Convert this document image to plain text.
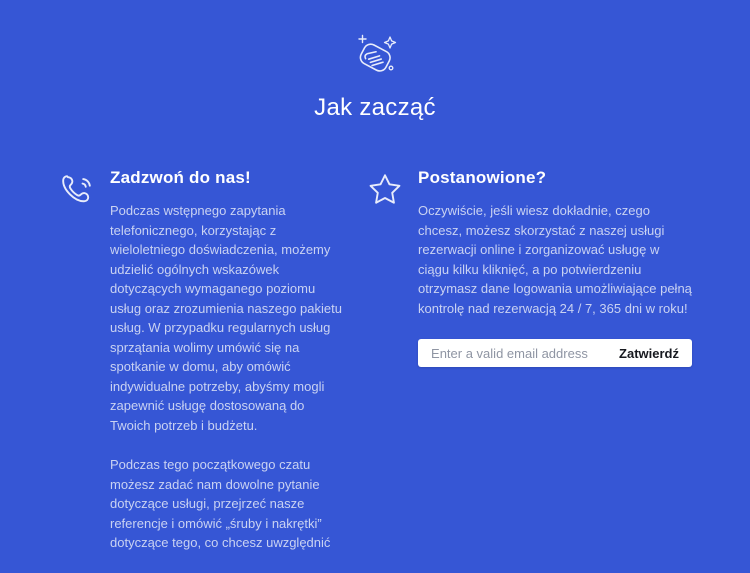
Jak zacząć
Zadzwoń do nas!

Podczas wstępnego zapytania telefonicznego, korzystając z wieloletniego doświadczenia, możemy udzielić ogólnych wskazówek dotyczących wymaganego poziomu usług oraz zrozumienia naszego pakietu usług. W przypadku regularnych usług sprzątania wolimy umówić się na spotkanie w domu, aby omówić indywidualne potrzeby, abyśmy mogli zapewnić usługę dostosowaną do Twoich potrzeb i budżetu.

Podczas tego początkowego czatu możesz zadać nam dowolne pytanie dotyczące usługi, przejrzeć nasze referencje i omówić „śruby i nakrętki” dotyczące tego, co chcesz uwzględnić

Postanowione?

Oczywiście, jeśli wiesz dokładnie, czego chcesz, możesz skorzystać z naszej usługi rezerwacji online i zorganizować usługę w ciągu kilku kliknięć, a po potwierdzeniu otrzymasz dane logowania umożliwiające pełną kontrolę nad rezerwacją 24 / 7, 365 dni w roku!

Enter a valid email address
Zatwierdź
